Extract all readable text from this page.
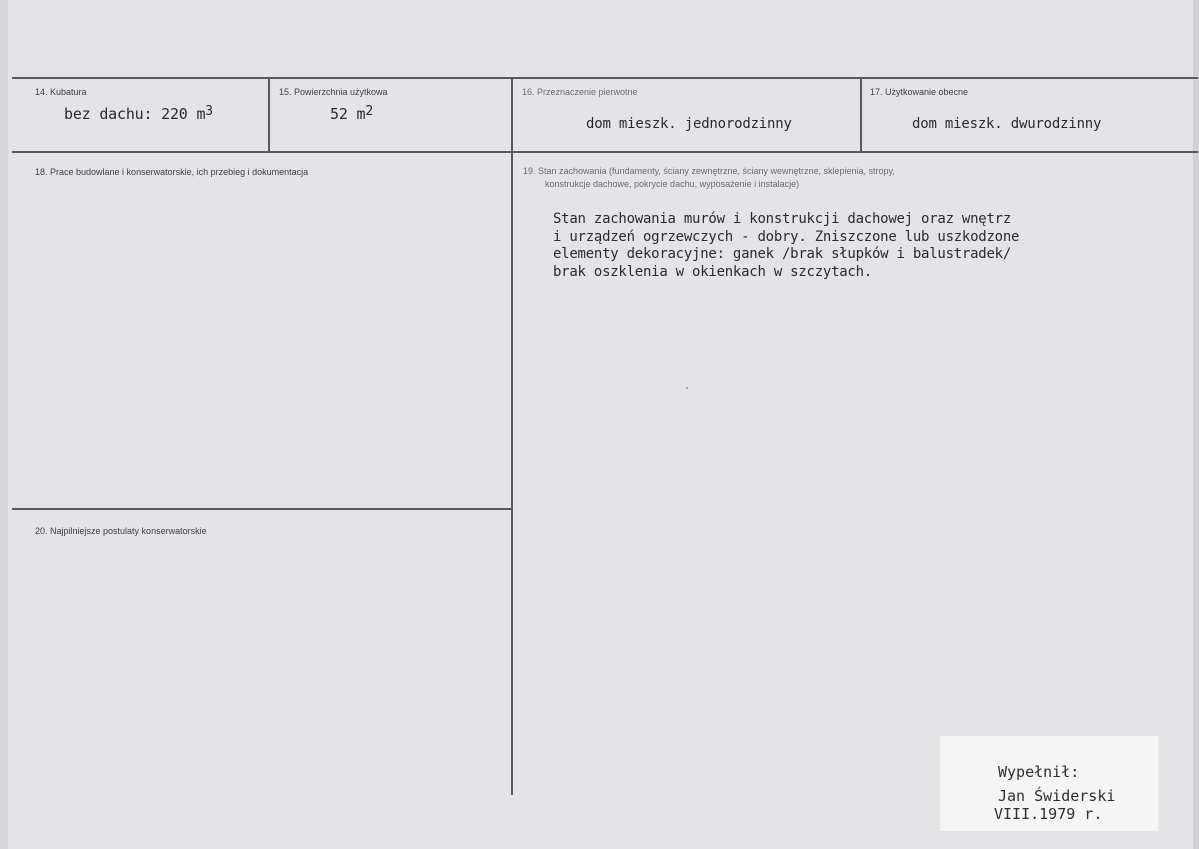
14. Kubatura
bez dachu: 220 $m^3$
15. Powierzchnia użytkowa
52 $m^2$
16. Przeznaczenie pierwotne
dom mieszk. jednorodzinny
17. Użytkowanie obecne
dom mieszk. dwurodzinny
18. Prace budowlane i konserwatorskie, ich przebieg i dokumentacja	19. Stan zachowania (fundamenty, ściany zewnętrzne, ściany wewnętrzne, sklepienia, stropy,
konstrukcje dachowe, pokrycie dachu, wyposażenie i instalacje)
Stan zachowania murów i konstrukcji dachowej oraz wnętrz
i urządzeń ogrzewczych - dobry. Zniszczone lub uszkodzone
elementy dekoracyjne: ganek /brak słupków i balustradek/
brak oszklenia w okienkach w szczytach.
20. Najpilniejsze postulaty konserwatorskie
Wypełnił:
Jan Świderski
VIII.1979 r.
